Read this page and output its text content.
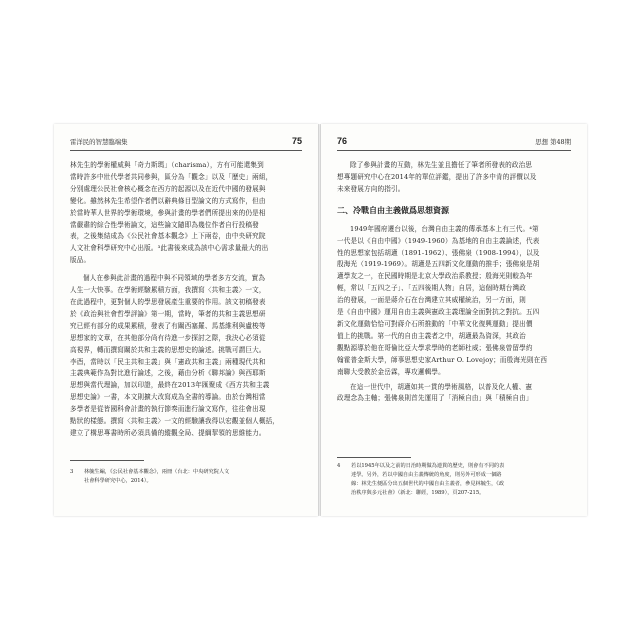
雷洋民的智慧臨端集	75
林先生的學術權威與「奇力斯瑪」（charisma），方有可能還集到
當時許多中壯代學者共同參與，區分為「觀念」以及「歷史」兩組，
分別處理公民社會核心概念在西方的起源以及在近代中國的發展與
變化。雖然林先生希望作者們以辭典條目型論文的方式寫作，但由
於當時華人世界的學術環境，參與計畫的學者們所提出來的仍是相
當嚴肅的綜合性學術論文，這些論文隨即為幾位作者自行投稿發
表，之後集結成為《公民社會基本觀念》上下兩卷，由中央研究院
人文社會科學研究中心出版。³此書後來成為該中心需求量最大的出
版品。
個人在參與此計畫的過程中與不同領域的學者多方交流，實為
人生一大快事。在學術經驗累積方面，我撰寫〈共和主義〉一文，
在此過程中，更對個人的學思發展產生重要的作用。該文初稿發表
於《政治與社會哲學評論》第一期，當時，筆者的共和主義思想研
究已經有部分的成果累積，發表了有關西塞羅、馬基維利與盧梭等
思想家的文章，在其他部分尚有待進一步探討之際，我決心必須從
高視界，轉而撰寫關於共和主義的思想史的論述。挑戰可謂巨大。
李酉，當時以「民主共和主義」與「憲政共和主義」兩種現代共和
主義典範作為對比進行論述，之後，藉由分析《聯邦論》與西耶斯
思想與當代理論，加以印證，最終在2013年匯聚成《西方共和主義
思想史論》一書，本文則擴大改寫成為全書的導論。由於台灣相當
多學者是從皆國科會計畫的執行節奏而進行論文寫作，往往會出現
點狀的樣態。撰寫〈共和主義〉一文的經驗讓我得以宏觀並個人概括，
建立了構思專書時所必須具備的縱觀全局、提綱挈領的思維能力。
3 林毓生編，《公民社會基本觀念》，兩冊（台北：中央研究院人文
社會科學研究中心，2014）。
76	思想 第48期
除了參與計畫的互動，林先生並且擔任了筆者所發表的政治思
想專題研究中心在2014年的單位評鑑，提出了許多中肯的評價以及
未來發展方向的指引。
二、冷戰自由主義做爲思想資源
1949年國府遷台以後，台灣自由主義的傳承基本上有三代。⁴第
一代是以《自由中國》（1949-1960）為基地的自由主義論述，代表
性的思想家包括胡適（1891-1962）、張佛泉（1908-1994），以及
殷海光（1919-1969）。胡適是五四新文化運動的推手；張佛泉是胡
適學友之一，在民國時期是北京大學政治系教授；殷海光則較為年
輕，常以「五四之子」、「五四後期人物」自居，這個時期台灣政
治的發展，一面是蔣介石在台灣建立其威權統治，另一方面，則
是《自由中國》運用自由主義與憲政主義理論全面對抗之對抗。五四
新文化運動恰恰可對蔣介石所推動的「中華文化復興運動」提出價
值上的挑戰。第一代的自由主義者之中，胡適最為資深，其政治
觀點源導於他在哥倫比亞大學求學時的老師杜威；張佛泉曾留學約
翰霍普金斯大學，師事思想史家Arthur O. Lovejoy；而殷海光則在西
南聯大受教於金岳霖，專攻邏輯學。
在這一世代中，胡適如其一貫的學術風格，以普及化人權、憲
政理念為主軸；張佛泉則首先運用了「消極自由」與「積極自由」
4 若以1945年以及之前的日治時期做為連貫的歷史，則會有不同的表
達學。另外，若以中國自由主義傳統的角度，則另外可形成一個路
線：林先生便區分出五個世代的中國自由主義者，參見林毓生，《政
治秩序與多元社會》（新北：聯經，1989），頁207-215。
